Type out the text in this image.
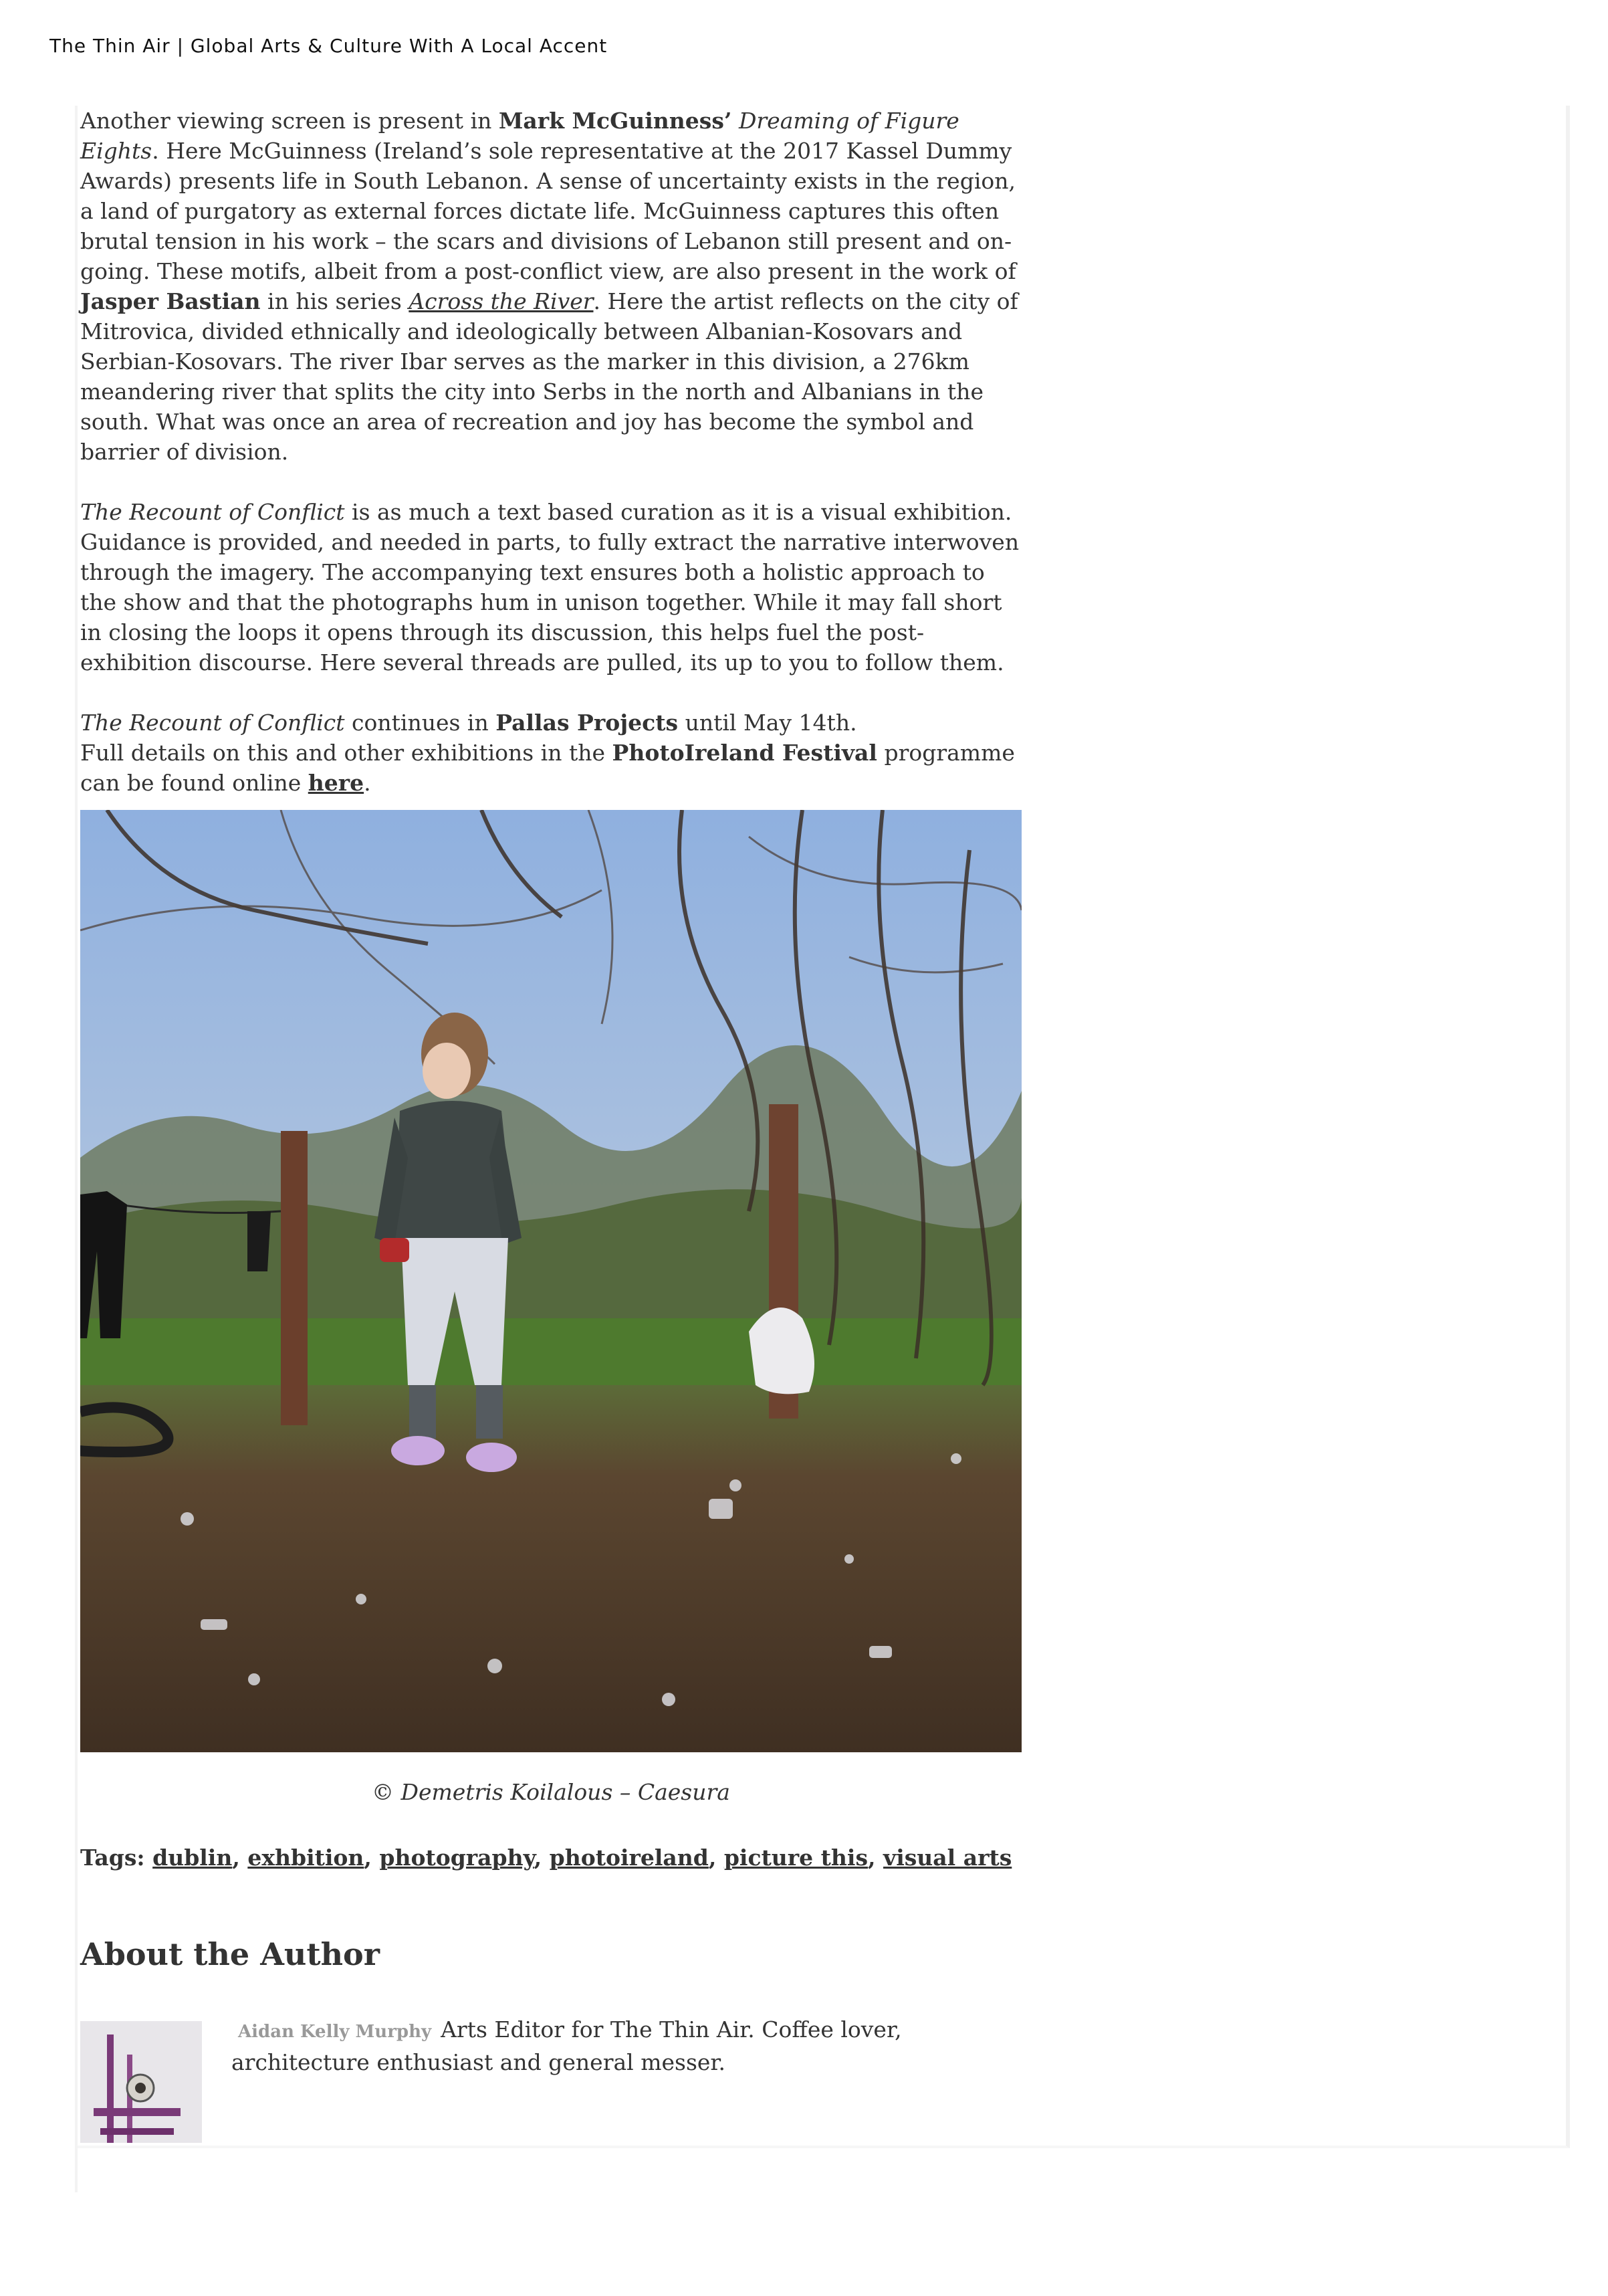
The Thin Air | Global Arts & Culture With A Local Accent

Another viewing screen is present in Mark McGuinness’ Dreaming of Figure Eights. Here McGuinness (Ireland’s sole representative at the 2017 Kassel Dummy Awards) presents life in South Lebanon. A sense of uncertainty exists in the region, a land of purgatory as external forces dictate life. McGuinness captures this often brutal tension in his work – the scars and divisions of Lebanon still present and on-going. These motifs, albeit from a post-conflict view, are also present in the work of Jasper Bastian in his series Across the River. Here the artist reflects on the city of Mitrovica, divided ethnically and ideologically between Albanian-Kosovars and Serbian-Kosovars. The river Ibar serves as the marker in this division, a 276km meandering river that splits the city into Serbs in the north and Albanians in the south. What was once an area of recreation and joy has become the symbol and barrier of division.

The Recount of Conflict is as much a text based curation as it is a visual exhibition. Guidance is provided, and needed in parts, to fully extract the narrative interwoven through the imagery. The accompanying text ensures both a holistic approach to the show and that the photographs hum in unison together. While it may fall short in closing the loops it opens through its discussion, this helps fuel the post-exhibition discourse. Here several threads are pulled, its up to you to follow them.

The Recount of Conflict continues in Pallas Projects until May 14th.
Full details on this and other exhibitions in the PhotoIreland Festival programme can be found online here.

© Demetris Koilalous – Caesura
Tags: dublin, exhbition, photography, photoireland, picture this, visual arts
About the Author
Aidan Kelly Murphy Arts Editor for The Thin Air. Coffee lover, architecture enthusiast and general messer.
